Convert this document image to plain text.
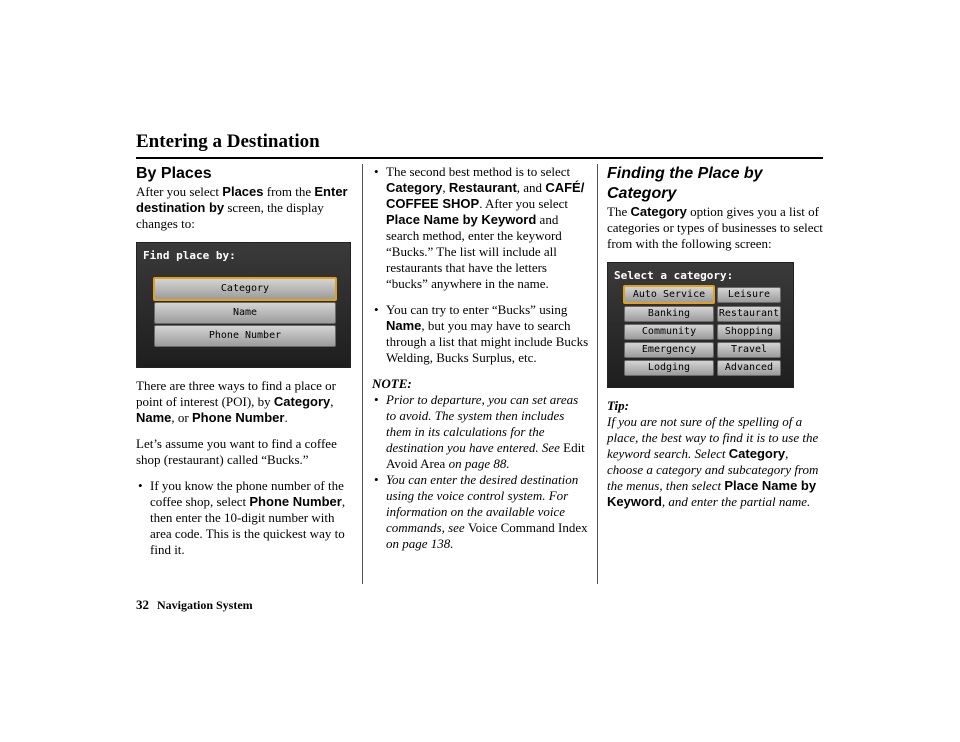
Entering a Destination

By Places

After you select Places from the Enter destination by screen, the display changes to:

Find place by:
Category
Name
Phone Number

There are three ways to find a place or point of interest (POI), by Category, Name, or Phone Number.

Let’s assume you want to find a coffee shop (restaurant) called “Bucks.”

• If you know the phone number of the coffee shop, select Phone Number, then enter the 10-digit number with area code. This is the quickest way to find it.

• The second best method is to select Category, Restaurant, and CAFÉ/ COFFEE SHOP. After you select Place Name by Keyword and search method, enter the keyword “Bucks.” The list will include all restaurants that have the letters “bucks” anywhere in the name.

• You can try to enter “Bucks” using Name, but you may have to search through a list that might include Bucks Welding, Bucks Surplus, etc.

NOTE:

• Prior to departure, you can set areas to avoid. The system then includes them in its calculations for the destination you have entered. See Edit Avoid Area on page 88.

• You can enter the desired destination using the voice control system. For information on the available voice commands, see Voice Command Index on page 138.

Finding the Place by Category

The Category option gives you a list of categories or types of businesses to select from with the following screen:

Select a category:
Auto Service
Banking
Community
Emergency
Lodging
Leisure
Restaurant
Shopping
Travel
Advanced

Tip:

If you are not sure of the spelling of a place, the best way to find it is to use the keyword search. Select Category, choose a category and subcategory from the menus, then select Place Name by Keyword, and enter the partial name.

32 Navigation System
